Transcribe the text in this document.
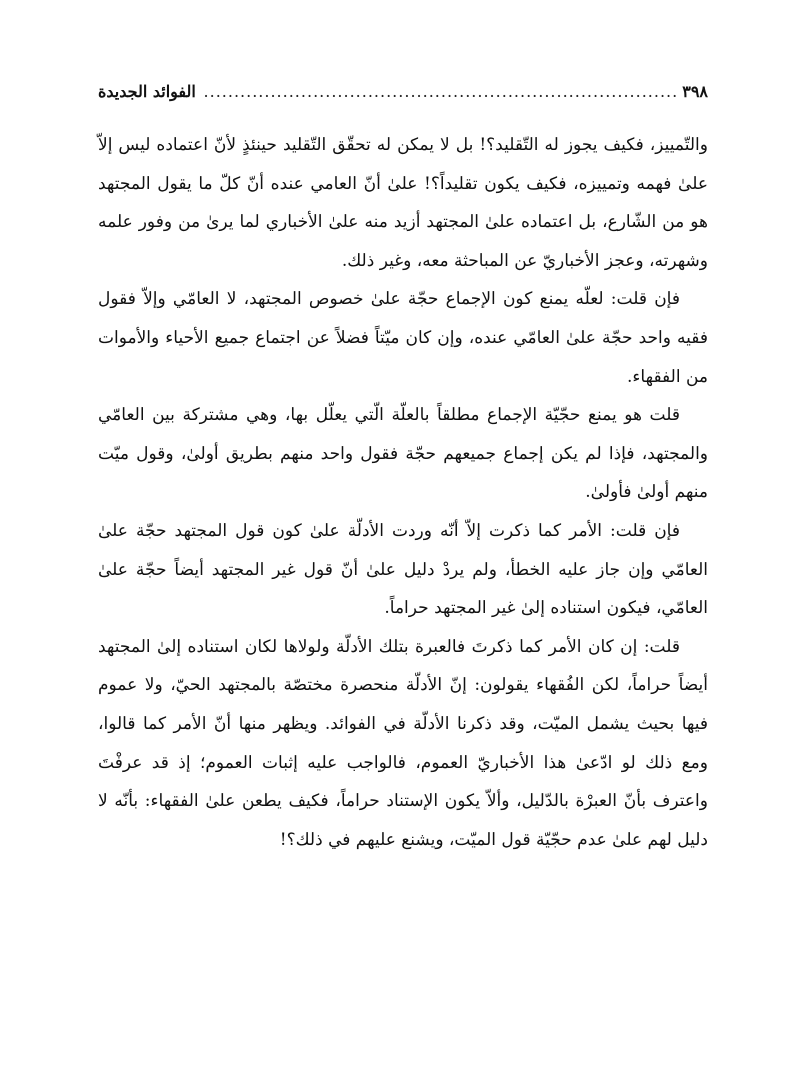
٣٩٨
..............................................................................
الفوائد الجديدة

والتّمييز، فكيف يجوز له التّقليد؟! بل لا يمكن له تحقّق التّقليد حينئذٍ لأنّ اعتماده ليس إلاّ علىٰ فهمه وتمييزه، فكيف يكون تقليداً؟! علىٰ أنّ العامي عنده أنّ كلّ ما يقول المجتهد هو من الشّارع، بل اعتماده علىٰ المجتهد أزيد منه علىٰ الأخباري لما يرىٰ من وفور علمه وشهرته، وعجز الأخباريّ عن المباحثة معه، وغير ذلك.

فإن قلت: لعلّه يمنع كون الإجماع حجّة علىٰ خصوص المجتهد، لا العامّي وإلاّ فقول فقيه واحد حجّة علىٰ العامّي عنده، وإن كان ميّتاً فضلاً عن اجتماع جميع الأحياء والأموات من الفقهاء.

قلت هو يمنع حجّيّة الإجماع مطلقاً بالعلّة الّتي يعلّل بها، وهي مشتركة بين العامّي والمجتهد، فإذا لم يكن إجماع جميعهم حجّة فقول واحد منهم بطريق أولىٰ، وقول ميّت منهم أولىٰ فأولىٰ.

فإن قلت: الأمر كما ذكرت إلاّ أنّه وردت الأدلّة علىٰ كون قول المجتهد حجّة علىٰ العامّي وإن جاز عليه الخطأ، ولم يردْ دليل علىٰ أنّ قول غير المجتهد أيضاً حجّة علىٰ العامّي، فيكون استناده إلىٰ غير المجتهد حراماً.

قلت: إن كان الأمر كما ذكرتَ فالعبرة بتلك الأدلّة ولولاها لكان استناده إلىٰ المجتهد أيضاً حراماً، لكن الفُقهاء يقولون: إنّ الأدلّة منحصرة مختصّة بالمجتهد الحيّ، ولا عموم فيها بحيث يشمل الميّت، وقد ذكرنا الأدلّة في الفوائد. ويظهر منها أنّ الأمر كما قالوا، ومع ذلك لو ادّعىٰ هذا الأخباريّ العموم، فالواجب عليه إثبات العموم؛ إذ قد عرفْتَ واعترف بأنّ العبرْة بالدّليل، وألاّ يكون الإستناد حراماً، فكيف يطعن علىٰ الفقهاء: بأنّه لا دليل لهم علىٰ عدم حجّيّة قول الميّت، ويشنع عليهم في ذلك؟!
